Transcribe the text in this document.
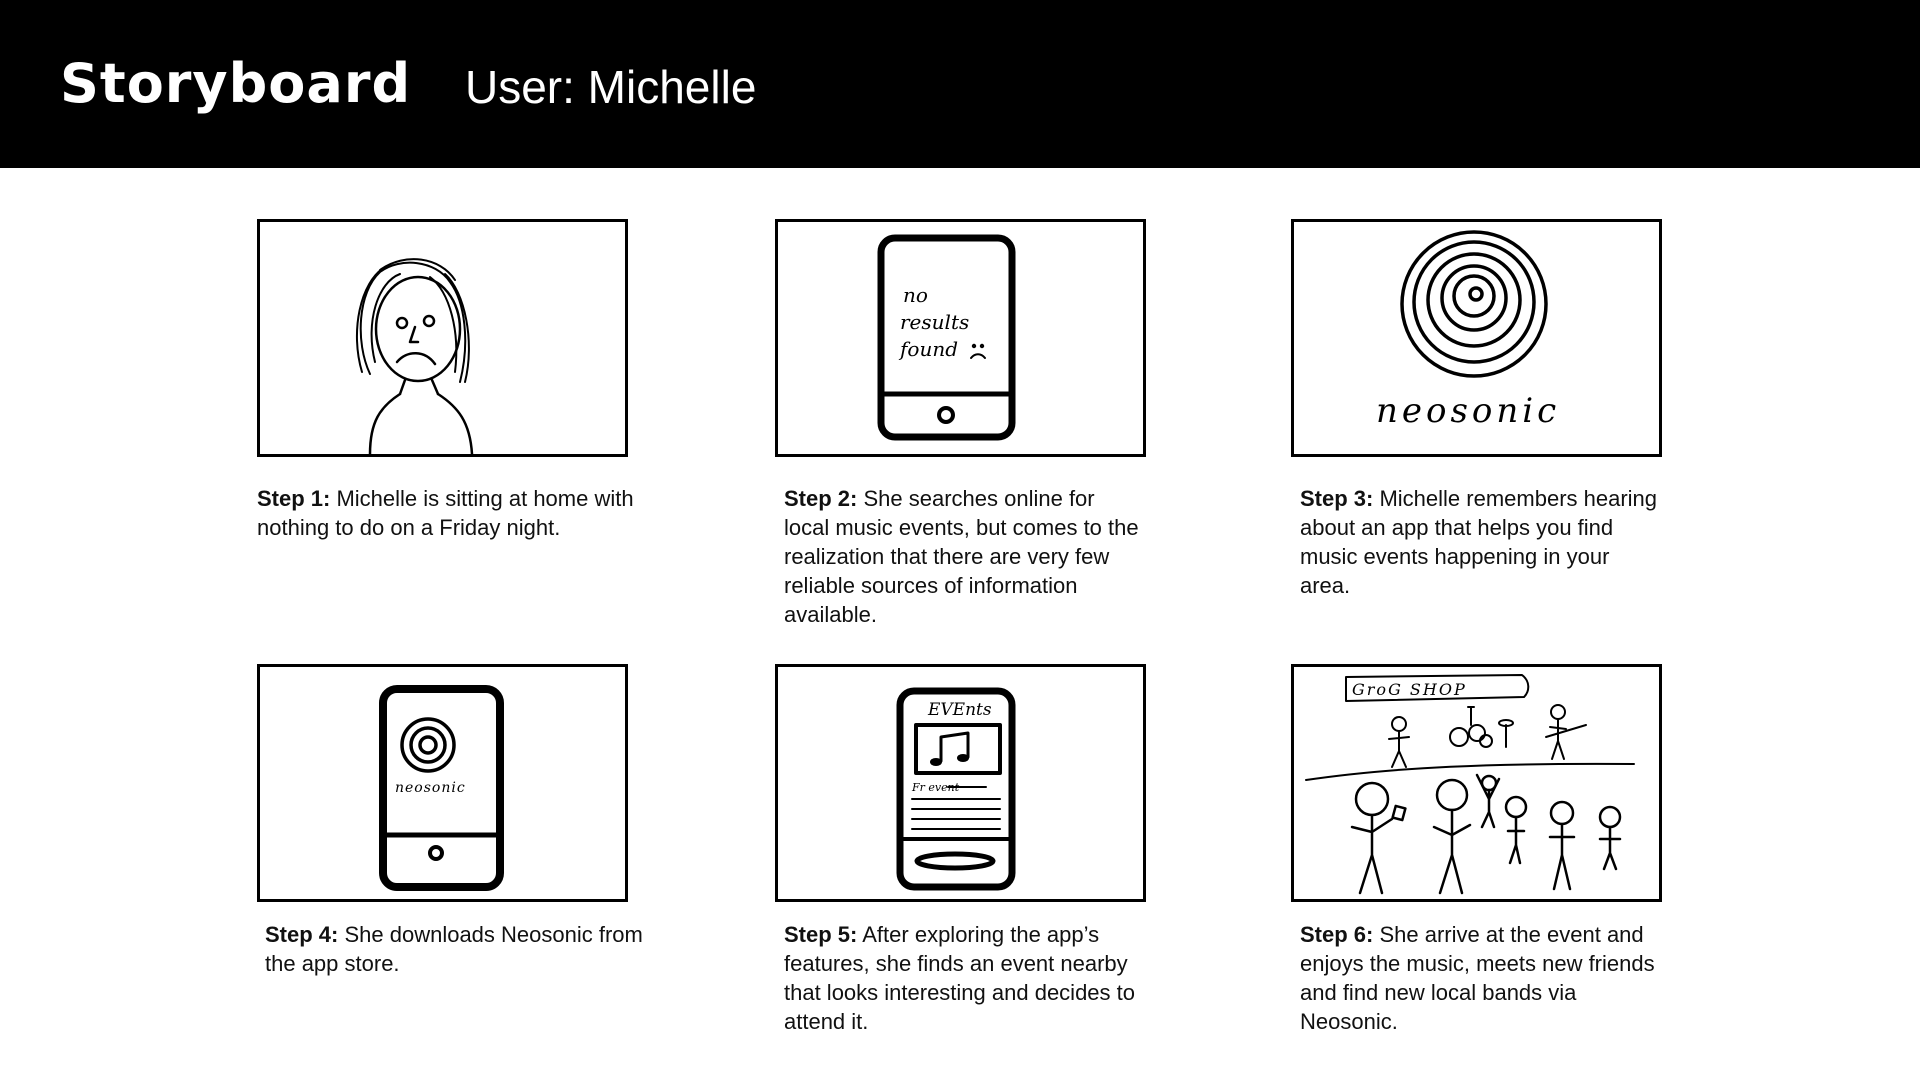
Storyboard User: Michelle
Step 1: Michelle is sitting at home with nothing to do on a Friday night.
no
results
found
Step 2: She searches online for local music events, but comes to the realization that there are very few reliable sources of information available.
neosonic
Step 3: Michelle remembers hearing about an app that helps you find music events happening in your area.
neosonic
Step 4: She downloads Neosonic from the app store.
EVEnts
Fr event
Step 5: After exploring the app’s features, she finds an event nearby that looks interesting and decides to attend it.
GroG SHOP
Step 6: She arrive at the event and enjoys the music, meets new friends and find new local bands via Neosonic.
